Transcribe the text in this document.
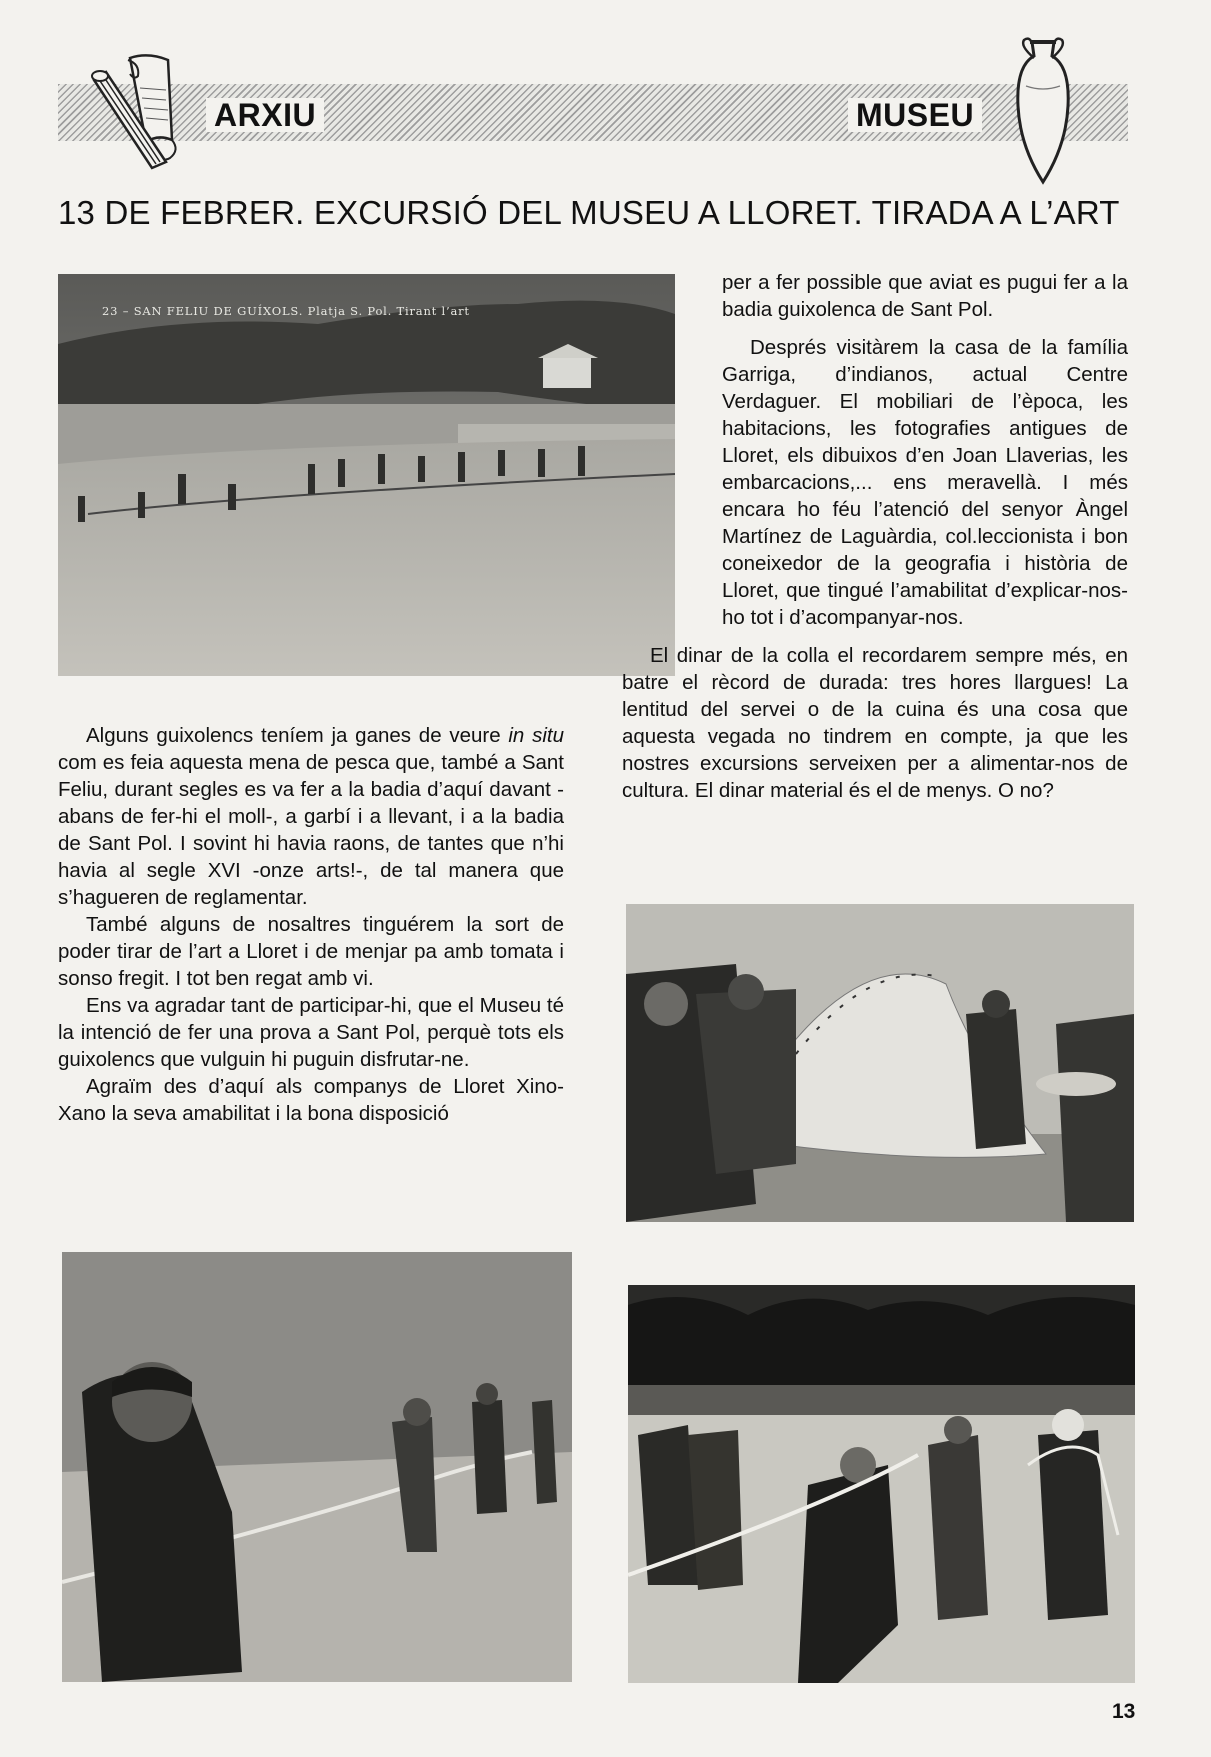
ARXIU	MUSEU
13 DE FEBRER. EXCURSIÓ DEL MUSEU A LLORET. TIRADA A L’ART
23 – SAN FELIU DE GUÍXOLS. Platja S. Pol. Tirant l’art

per a fer possible que aviat es pugui fer a la badia guixolenca de Sant Pol.

Després visitàrem la casa de la família Garriga, d’indianos, actual Centre Verdaguer. El mobiliari de l’època, les habitacions, les fotografies antigues de Lloret, els dibuixos d’en Joan Llaverias, les embarcacions,... ens meravellà. I més encara ho féu l’atenció del senyor Àngel Martínez de Laguàrdia, col.leccionista i bon coneixedor de la geografia i història de Lloret, que tingué l’amabilitat d’explicar-nos-ho tot i d’acompanyar-nos.

El dinar de la colla el recordarem sempre més, en batre el rècord de durada: tres hores llargues! La lentitud del servei o de la cuina és una cosa que aquesta vegada no tindrem en compte, ja que les nostres excursions serveixen per a alimentar-nos de cultura. El dinar material és el de menys. O no?

Alguns guixolencs teníem ja ganes de veure in situ com es feia aquesta mena de pesca que, també a Sant Feliu, durant segles es va fer a la badia d’aquí davant -abans de fer-hi el moll-, a garbí i a llevant, i a la badia de Sant Pol. I sovint hi havia raons, de tantes que n’hi havia al segle XVI -onze arts!-, de tal manera que s’hagueren de reglamentar.

També alguns de nosaltres tinguérem la sort de poder tirar de l’art a Lloret i de menjar pa amb tomata i sonso fregit. I tot ben regat amb vi.

Ens va agradar tant de participar-hi, que el Museu té la intenció de fer una prova a Sant Pol, perquè tots els guixolencs que vulguin hi puguin disfrutar-ne.

Agraïm des d’aquí als companys de Lloret Xino-Xano la seva amabilitat i la bona disposició

13
